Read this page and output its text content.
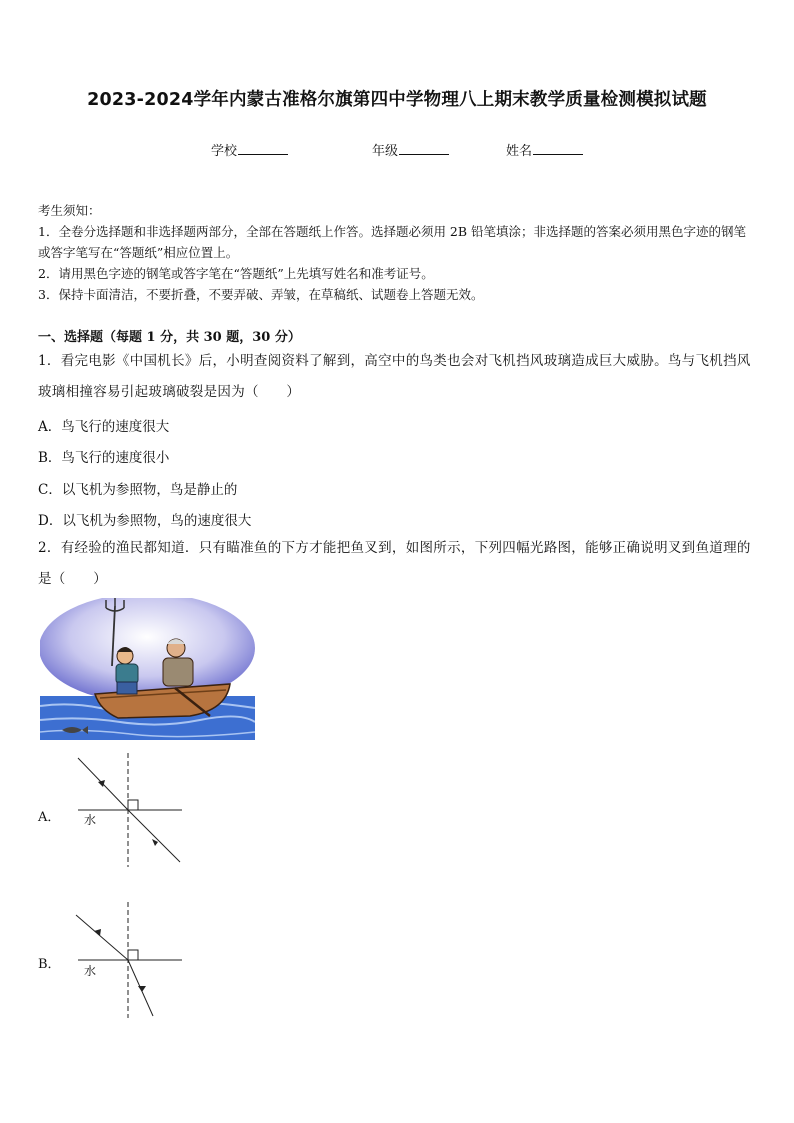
2023-2024学年内蒙古准格尔旗第四中学物理八上期末教学质量检测模拟试题
学校	年级	姓名
考生须知：
1．全卷分选择题和非选择题两部分，全部在答题纸上作答。选择题必须用 2B 铅笔填涂；非选择题的答案必须用黑色字迹的钢笔或答字笔写在“答题纸”相应位置上。
2．请用黑色字迹的钢笔或答字笔在“答题纸”上先填写姓名和准考证号。
3．保持卡面清洁，不要折叠，不要弄破、弄皱，在草稿纸、试题卷上答题无效。
一、选择题（每题 1 分，共 30 题，30 分）
1．看完电影《中国机长》后，小明查阅资料了解到，高空中的鸟类也会对飞机挡风玻璃造成巨大威胁。鸟与飞机挡风玻璃相撞容易引起玻璃破裂是因为（　　）
A．鸟飞行的速度很大
B．鸟飞行的速度很小
C．以飞机为参照物，鸟是静止的
D．以飞机为参照物，鸟的速度很大
2．有经验的渔民都知道．只有瞄准鱼的下方才能把鱼叉到，如图所示，下列四幅光路图，能够正确说明叉到鱼道理的是（　　）
A． 水
B． 水
